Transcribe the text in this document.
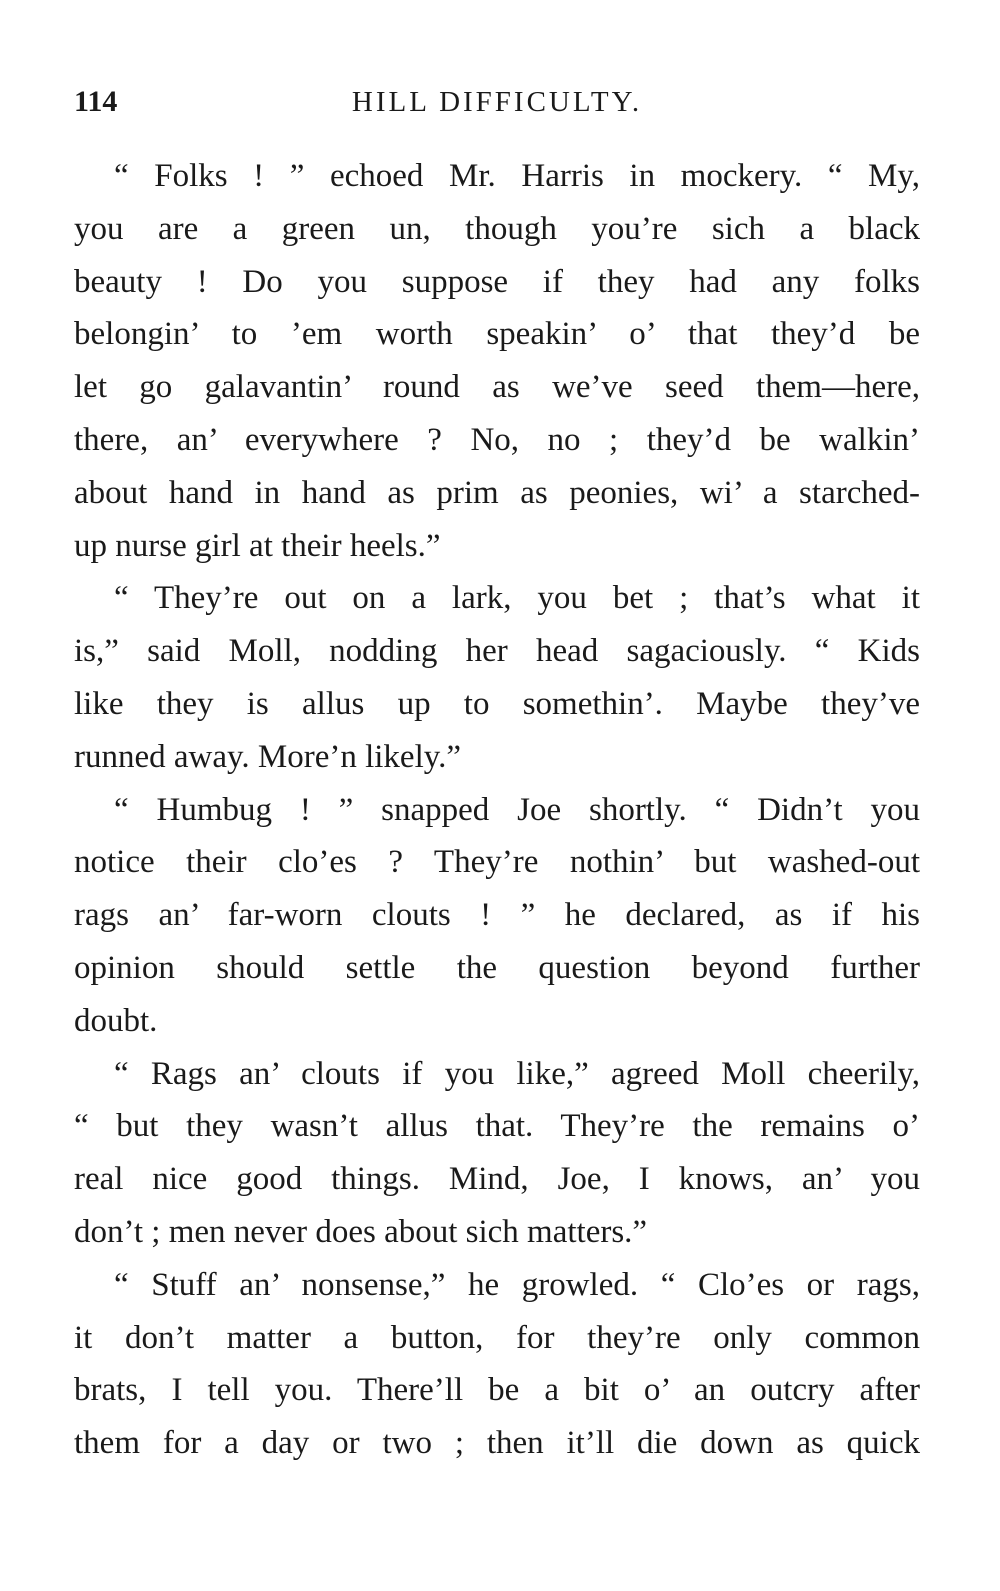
114	HILL DIFFICULTY.

“ Folks ! ” echoed Mr. Harris in mockery. “ My,
you are a green un, though you’re sich a black
beauty ! Do you suppose if they had any folks
belongin’ to ’em worth speakin’ o’ that they’d be
let go galavantin’ round as we’ve seed them—here,
there, an’ everywhere ? No, no ; they’d be walkin’
about hand in hand as prim as peonies, wi’ a starched-
up nurse girl at their heels.”

“ They’re out on a lark, you bet ; that’s what it
is,” said Moll, nodding her head sagaciously. “ Kids
like they is allus up to somethin’. Maybe they’ve
runned away. More’n likely.”

“ Humbug ! ” snapped Joe shortly. “ Didn’t you
notice their clo’es ? They’re nothin’ but washed-out
rags an’ far-worn clouts ! ” he declared, as if his
opinion should settle the question beyond further
doubt.

“ Rags an’ clouts if you like,” agreed Moll cheerily,
“ but they wasn’t allus that. They’re the remains o’
real nice good things. Mind, Joe, I knows, an’ you
don’t ; men never does about sich matters.”

“ Stuff an’ nonsense,” he growled. “ Clo’es or rags,
it don’t matter a button, for they’re only common
brats, I tell you. There’ll be a bit o’ an outcry after
them for a day or two ; then it’ll die down as quick
